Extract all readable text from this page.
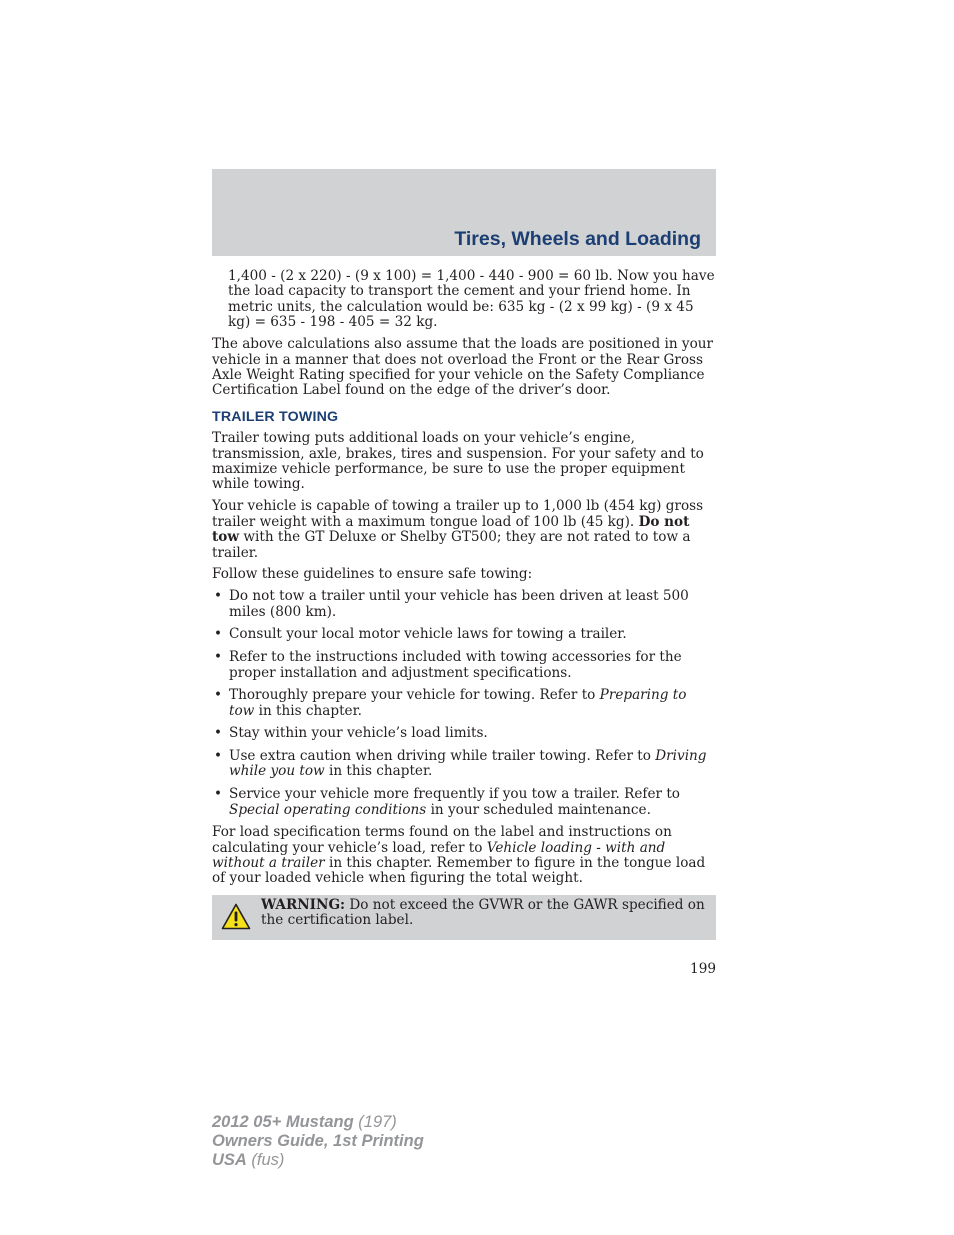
Tires, Wheels and Loading

1,400 - (2 x 220) - (9 x 100) = 1,400 - 440 - 900 = 60 lb. Now you have the load capacity to transport the cement and your friend home. In metric units, the calculation would be: 635 kg - (2 x 99 kg) - (9 x 45 kg) = 635 - 198 - 405 = 32 kg.

The above calculations also assume that the loads are positioned in your vehicle in a manner that does not overload the Front or the Rear Gross Axle Weight Rating specified for your vehicle on the Safety Compliance Certification Label found on the edge of the driver’s door.

TRAILER TOWING

Trailer towing puts additional loads on your vehicle’s engine, transmission, axle, brakes, tires and suspension. For your safety and to maximize vehicle performance, be sure to use the proper equipment while towing.

Your vehicle is capable of towing a trailer up to 1,000 lb (454 kg) gross trailer weight with a maximum tongue load of 100 lb (45 kg). Do not tow with the GT Deluxe or Shelby GT500; they are not rated to tow a trailer.

Follow these guidelines to ensure safe towing:

• Do not tow a trailer until your vehicle has been driven at least 500 miles (800 km).
• Consult your local motor vehicle laws for towing a trailer.
• Refer to the instructions included with towing accessories for the proper installation and adjustment specifications.
• Thoroughly prepare your vehicle for towing. Refer to Preparing to tow in this chapter.
• Stay within your vehicle’s load limits.
• Use extra caution when driving while trailer towing. Refer to Driving while you tow in this chapter.
• Service your vehicle more frequently if you tow a trailer. Refer to Special operating conditions in your scheduled maintenance.

For load specification terms found on the label and instructions on calculating your vehicle’s load, refer to Vehicle loading - with and without a trailer in this chapter. Remember to figure in the tongue load of your loaded vehicle when figuring the total weight.

WARNING: Do not exceed the GVWR or the GAWR specified on the certification label.
199
2012 05+ Mustang (197)
Owners Guide, 1st Printing
USA (fus)
